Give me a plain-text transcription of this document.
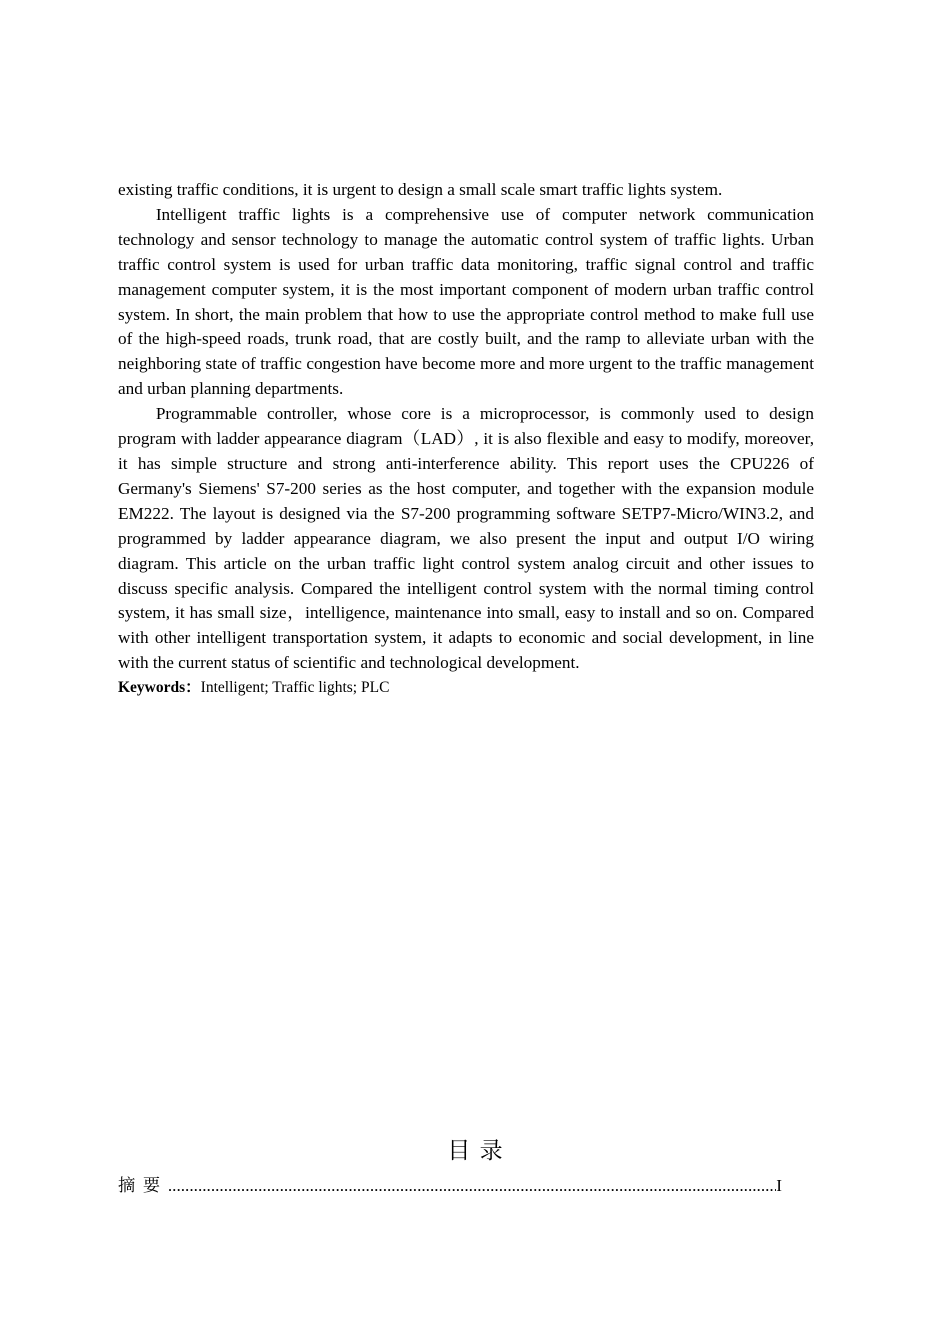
existing traffic conditions, it is urgent to design a small scale smart traffic lights system.

Intelligent traffic lights is a comprehensive use of computer network communication technology and sensor technology to manage the automatic control system of traffic lights. Urban traffic control system is used for urban traffic data monitoring, traffic signal control and traffic management computer system, it is the most important component of modern urban traffic control system. In short, the main problem that how to use the appropriate control method to make full use of the high-speed roads, trunk road, that are costly built, and the ramp to alleviate urban with the neighboring state of traffic congestion have become more and more urgent to the traffic management and urban planning departments.

Programmable controller, whose core is a microprocessor, is commonly used to design program with ladder appearance diagram（LAD）, it is also flexible and easy to modify, moreover, it has simple structure and strong anti-interference ability. This report uses the CPU226 of Germany's Siemens' S7-200 series as the host computer, and together with the expansion module EM222. The layout is designed via the S7-200 programming software SETP7-Micro/WIN3.2, and programmed by ladder appearance diagram, we also present the input and output I/O wiring diagram. This article on the urban traffic light control system analog circuit and other issues to discuss specific analysis. Compared the intelligent control system with the normal timing control system, it has small size，intelligence, maintenance into small, easy to install and so on. Compared with other intelligent transportation system, it adapts to economic and social development, in line with the current status of scientific and technological development.

Keywords：Intelligent; Traffic lights; PLC

目录
摘要
.....	I
